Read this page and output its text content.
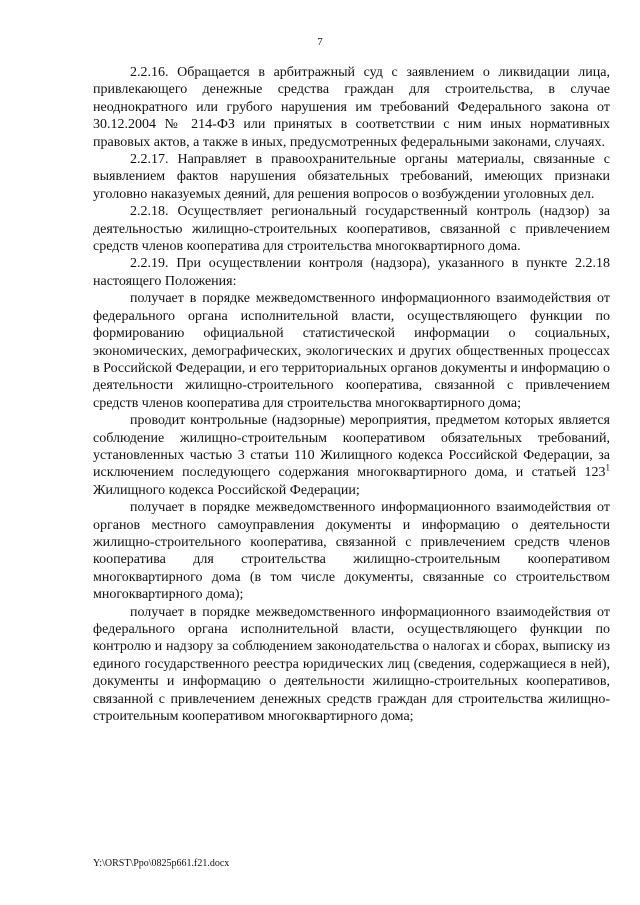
7

2.2.16. Обращается в арбитражный суд с заявлением о ликвидации лица, привлекающего денежные средства граждан для строительства, в случае неоднократного или грубого нарушения им требований Федерального закона от 30.12.2004 № 214-ФЗ или принятых в соответствии с ним иных нормативных правовых актов, а также в иных, предусмотренных федеральными законами, случаях.

2.2.17. Направляет в правоохранительные органы материалы, связанные с выявлением фактов нарушения обязательных требований, имеющих признаки уголовно наказуемых деяний, для решения вопросов о возбуждении уголовных дел.

2.2.18. Осуществляет региональный государственный контроль (надзор) за деятельностью жилищно-строительных кооперативов, связанной с привлечением средств членов кооператива для строительства многоквартирного дома.

2.2.19. При осуществлении контроля (надзора), указанного в пункте 2.2.18 настоящего Положения:

получает в порядке межведомственного информационного взаимодействия от федерального органа исполнительной власти, осуществляющего функции по формированию официальной статистической информации о социальных, экономических, демографических, экологических и других общественных процессах в Российской Федерации, и его территориальных органов документы и информацию о деятельности жилищно-строительного кооператива, связанной с привлечением средств членов кооператива для строительства многоквартирного дома;

проводит контрольные (надзорные) мероприятия, предметом которых является соблюдение жилищно-строительным кооперативом обязательных требований, установленных частью 3 статьи 110 Жилищного кодекса Российской Федерации, за исключением последующего содержания многоквартирного дома, и статьей $123^1$ Жилищного кодекса Российской Федерации;

получает в порядке межведомственного информационного взаимодействия от органов местного самоуправления документы и информацию о деятельности жилищно-строительного кооператива, связанной с привлечением средств членов кооператива для строительства жилищно-строительным кооперативом многоквартирного дома (в том числе документы, связанные со строительством многоквартирного дома);

получает в порядке межведомственного информационного взаимодействия от федерального органа исполнительной власти, осуществляющего функции по контролю и надзору за соблюдением законодательства о налогах и сборах, выписку из единого государственного реестра юридических лиц (сведения, содержащиеся в ней), документы и информацию о деятельности жилищно-строительных кооперативов, связанной с привлечением денежных средств граждан для строительства жилищно-строительным кооперативом многоквартирного дома;

Y:\ORST\Ppo\0825p661.f21.docx
